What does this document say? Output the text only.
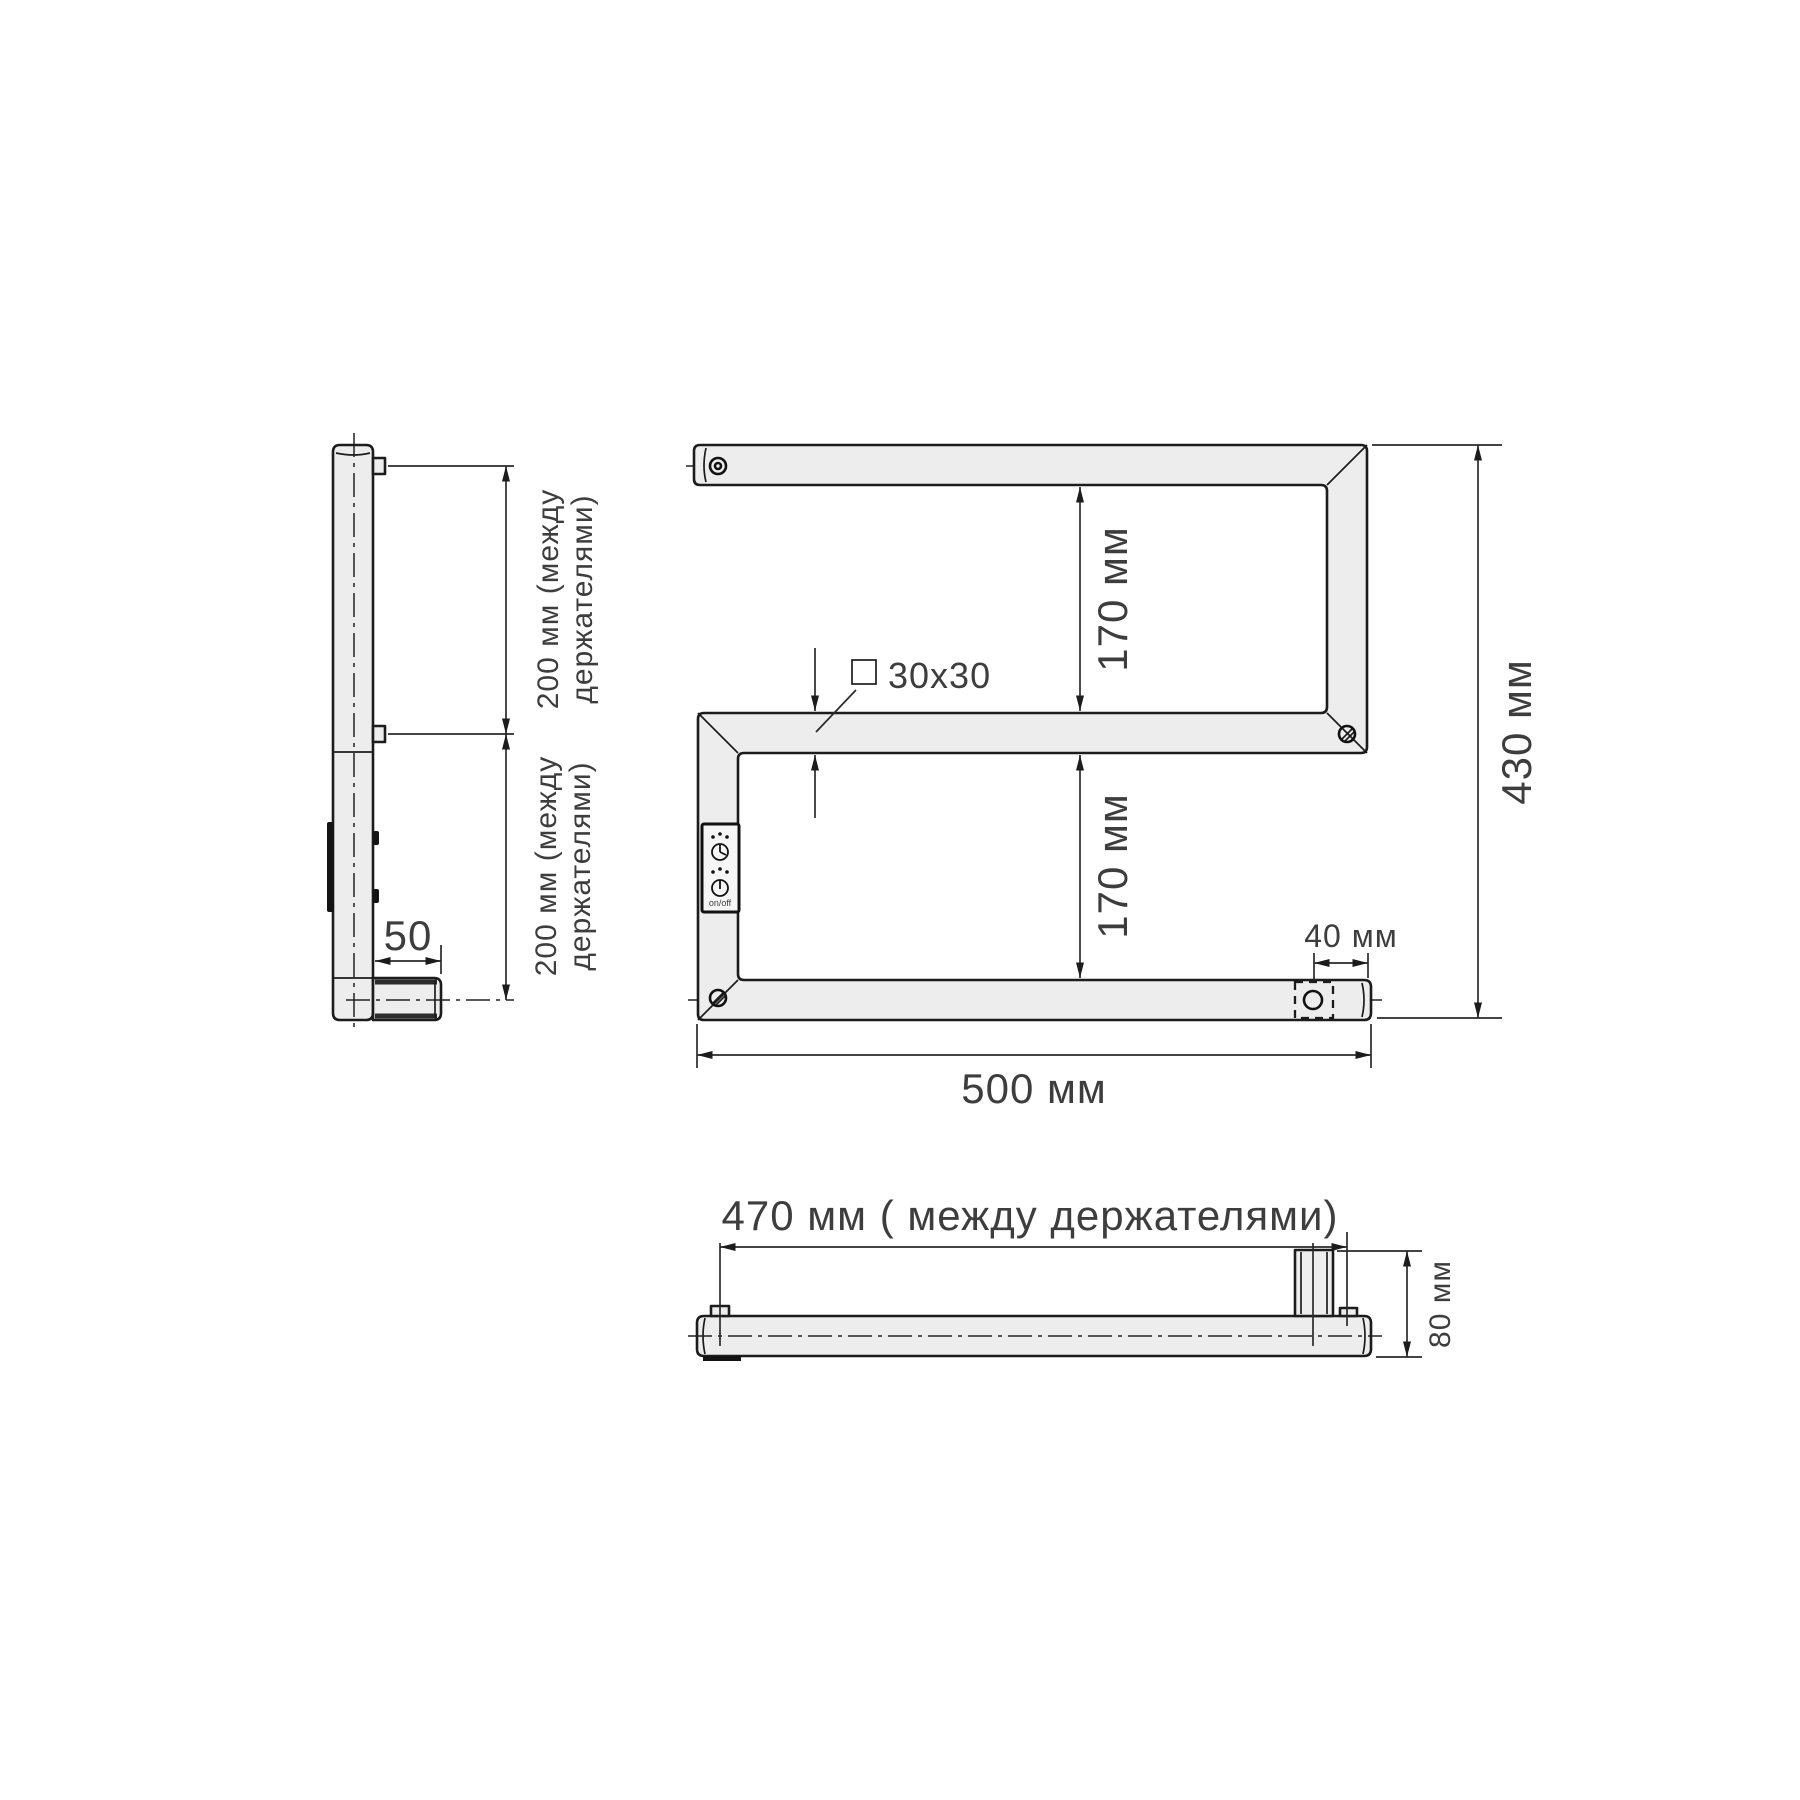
50
200 мм (между держателями)
200 мм (между держателями)	on/off
170 мм
170 мм
430 мм
500 мм
40 мм
30x30
470 мм ( между держателями)
80 мм
